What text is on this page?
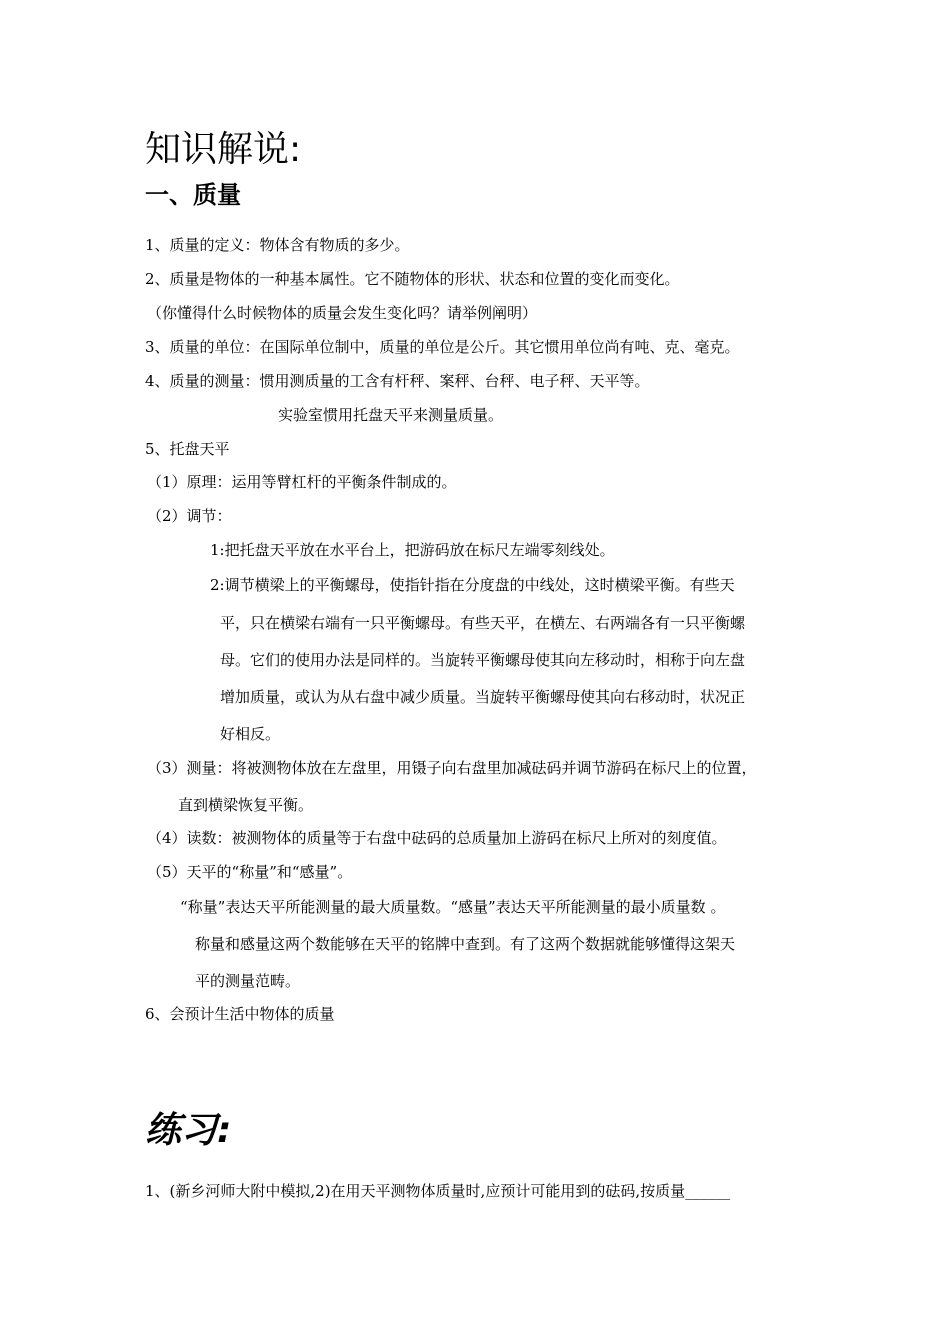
知识解说:
一、质量
1、质量的定义：物体含有物质的多少。
2、质量是物体的一种基本属性。它不随物体的形状、状态和位置的变化而变化。
（你懂得什么时候物体的质量会发生变化吗？请举例阐明）
3、质量的单位：在国际单位制中，质量的单位是公斤。其它惯用单位尚有吨、克、毫克。
4、质量的测量：惯用测质量的工含有杆秤、案秤、台秤、电子秤、天平等。
实验室惯用托盘天平来测量质量。
5、托盘天平
（1）原理：运用等臂杠杆的平衡条件制成的。
（2）调节：
1:把托盘天平放在水平台上，把游码放在标尺左端零刻线处。
2:调节横梁上的平衡螺母，使指针指在分度盘的中线处，这时横梁平衡。有些天
平，只在横梁右端有一只平衡螺母。有些天平，在横左、右两端各有一只平衡螺
母。它们的使用办法是同样的。当旋转平衡螺母使其向左移动时，相称于向左盘
增加质量，或认为从右盘中减少质量。当旋转平衡螺母使其向右移动时，状况正
好相反。
（3）测量：将被测物体放在左盘里，用镊子向右盘里加减砝码并调节游码在标尺上的位置，
直到横梁恢复平衡。
（4）读数：被测物体的质量等于右盘中砝码的总质量加上游码在标尺上所对的刻度值。
（5）天平的“称量”和“感量”。
“称量”表达天平所能测量的最大质量数。“感量”表达天平所能测量的最小质量数 。
称量和感量这两个数能够在天平的铭牌中查到。有了这两个数据就能够懂得这架天
平的测量范畴。
6、会预计生活中物体的质量
练习:
1、(新乡河师大附中模拟,2)在用天平测物体质量时,应预计可能用到的砝码,按质量______
